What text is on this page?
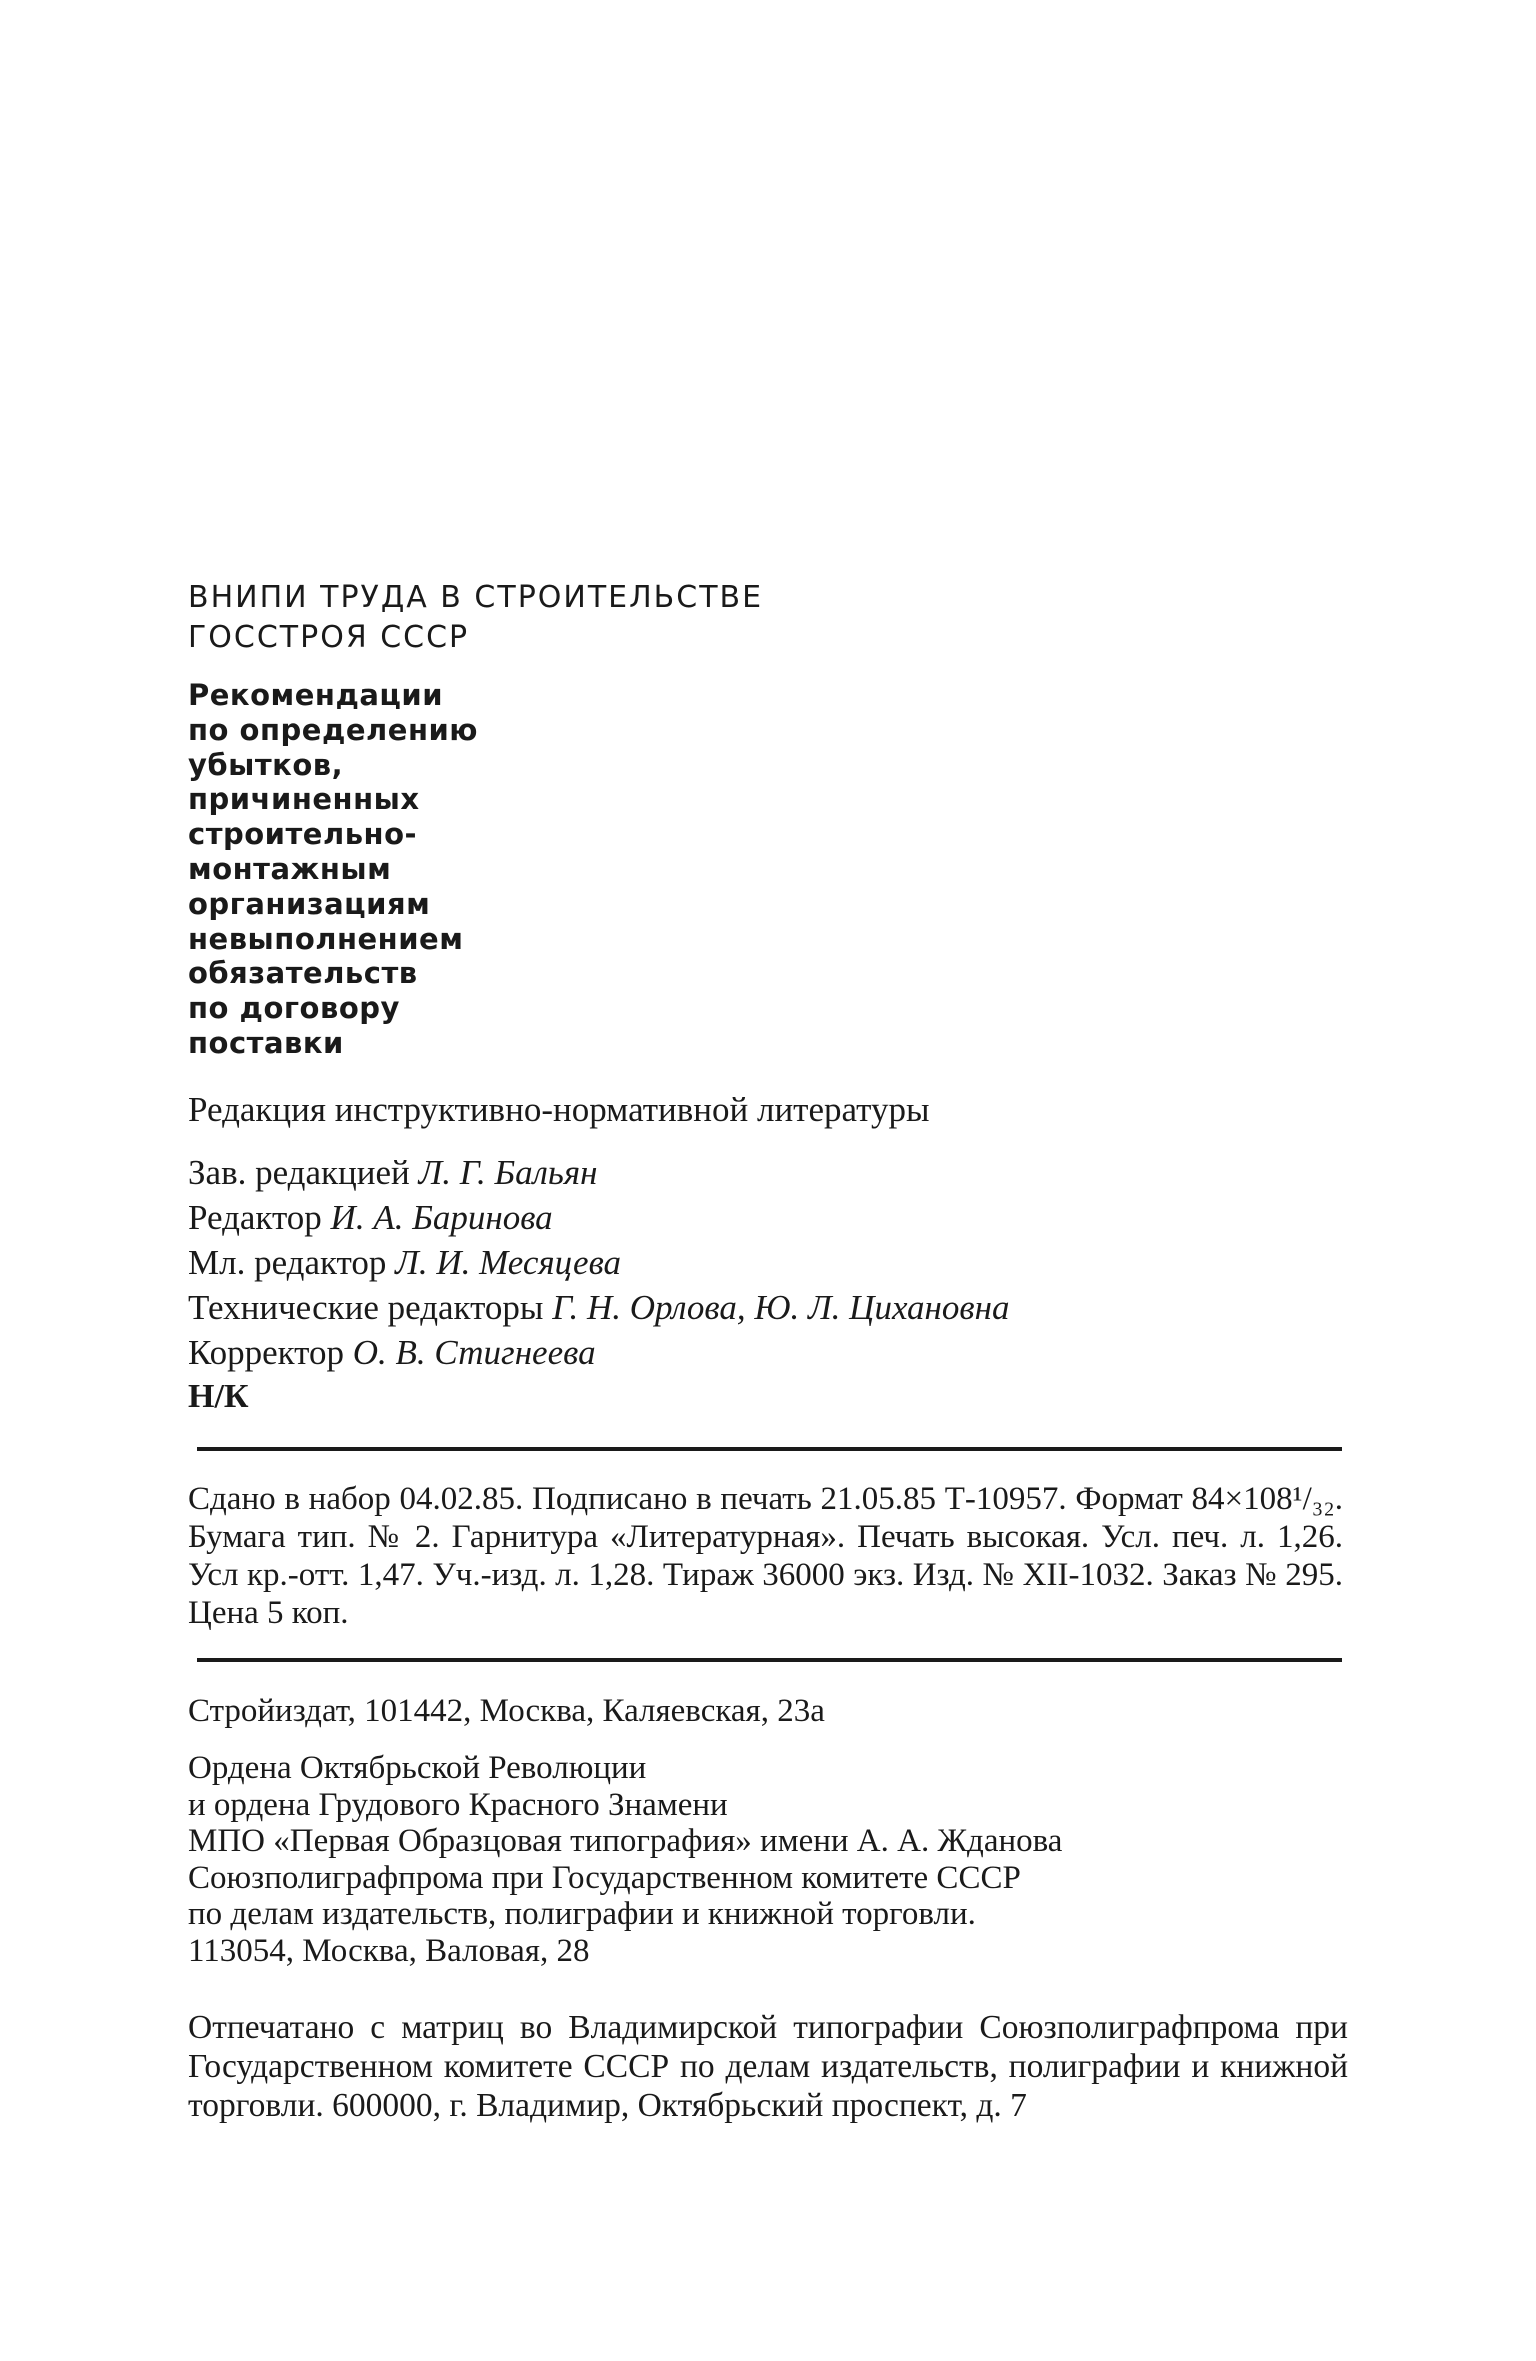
ВНИПИ ТРУДА В СТРОИТЕЛЬСТВЕ
ГОССТРОЯ СССР
Рекомендации
по определению
убытков,
причиненных
строительно-
монтажным
организациям
невыполнением
обязательств
по договору
поставки

Редакция инструктивно-нормативной литературы

Зав. редакцией Л. Г. Бальян
Редактор И. А. Баринова
Мл. редактор Л. И. Месяцева
Технические редакторы Г. Н. Орлова, Ю. Л. Цихановна
Корректор О. В. Стигнеева

Н/К

Сдано в набор 04.02.85. Подписано в печать 21.05.85 Т-10957. Формат 84×108¹/₃₂. Бумага тип. № 2. Гарнитура «Литературная». Печать высокая. Усл. печ. л. 1,26. Усл кр.-отт. 1,47. Уч.-изд. л. 1,28. Тираж 36000 экз. Изд. № XII-1032. Заказ № 295. Цена 5 коп.

Стройиздат, 101442, Москва, Каляевская, 23а

Ордена Октябрьской Революции
и ордена Грудового Красного Знамени
МПО «Первая Образцовая типография» имени А. А. Жданова
Союзполиграфпрома при Государственном комитете СССР
по делам издательств, полиграфии и книжной торговли.
113054, Москва, Валовая, 28

Отпечатано с матриц во Владимирской типографии Союзполиграфпрома при Государственном комитете СССР по делам издательств, полиграфии и книжной торговли. 600000, г. Владимир, Октябрьский проспект, д. 7
